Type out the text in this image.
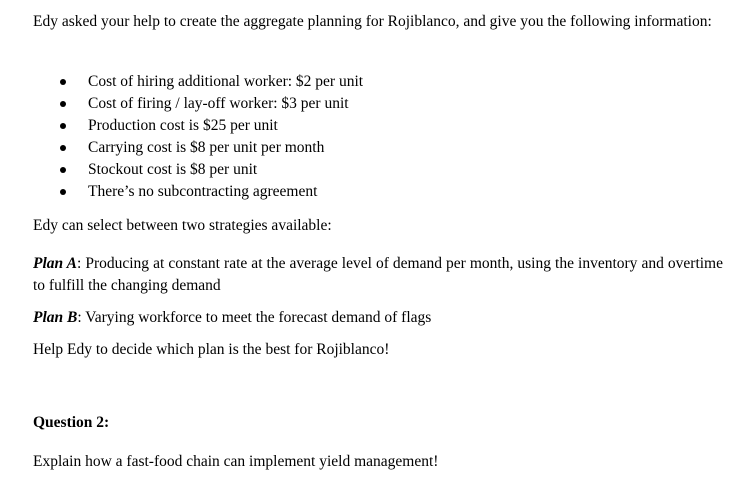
Edy asked your help to create the aggregate planning for Rojiblanco, and give you the following information:
Cost of hiring additional worker: $2 per unit
Cost of firing / lay-off worker: $3 per unit
Production cost is $25 per unit
Carrying cost is $8 per unit per month
Stockout cost is $8 per unit
There’s no subcontracting agreement
Edy can select between two strategies available:
Plan A: Producing at constant rate at the average level of demand per month, using the inventory and overtime to fulfill the changing demand
Plan B: Varying workforce to meet the forecast demand of flags
Help Edy to decide which plan is the best for Rojiblanco!
Question 2:
Explain how a fast-food chain can implement yield management!
